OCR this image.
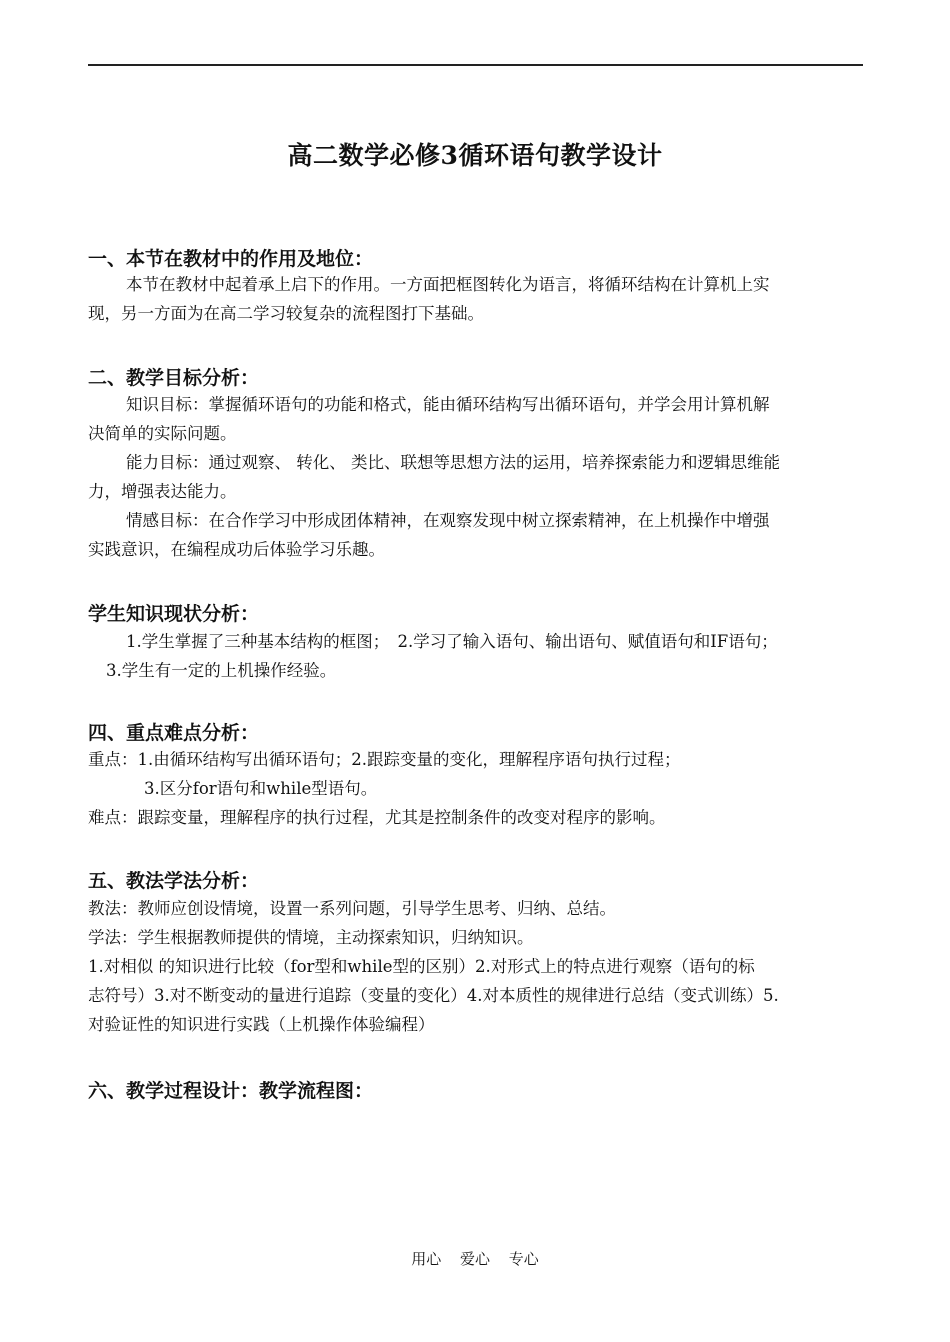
高二数学必修3循环语句教学设计
一、本节在教材中的作用及地位：
本节在教材中起着承上启下的作用。一方面把框图转化为语言，将循环结构在计算机上实
现，另一方面为在高二学习较复杂的流程图打下基础。
二、教学目标分析：
知识目标：掌握循环语句的功能和格式，能由循环结构写出循环语句，并学会用计算机解
决简单的实际问题。
能力目标：通过观察、 转化、 类比、联想等思想方法的运用，培养探索能力和逻辑思维能
力，增强表达能力。
情感目标：在合作学习中形成团体精神，在观察发现中树立探索精神，在上机操作中增强
实践意识，在编程成功后体验学习乐趣。
学生知识现状分析：
1.学生掌握了三种基本结构的框图；　2.学习了输入语句、输出语句、赋值语句和IF语句；
3.学生有一定的上机操作经验。
四、重点难点分析：
重点：1.由循环结构写出循环语句；2.跟踪变量的变化，理解程序语句执行过程；
3.区分for语句和while型语句。
难点：跟踪变量，理解程序的执行过程，尤其是控制条件的改变对程序的影响。
五、教法学法分析：
教法：教师应创设情境，设置一系列问题，引导学生思考、归纳、总结。
学法：学生根据教师提供的情境，主动探索知识，归纳知识。
1.对相似 的知识进行比较（for型和while型的区别）2.对形式上的特点进行观察（语句的标
志符号）3.对不断变动的量进行追踪（变量的变化）4.对本质性的规律进行总结（变式训练）5.
对验证性的知识进行实践（上机操作体验编程）
六、教学过程设计：教学流程图：
用心 爱心 专心
